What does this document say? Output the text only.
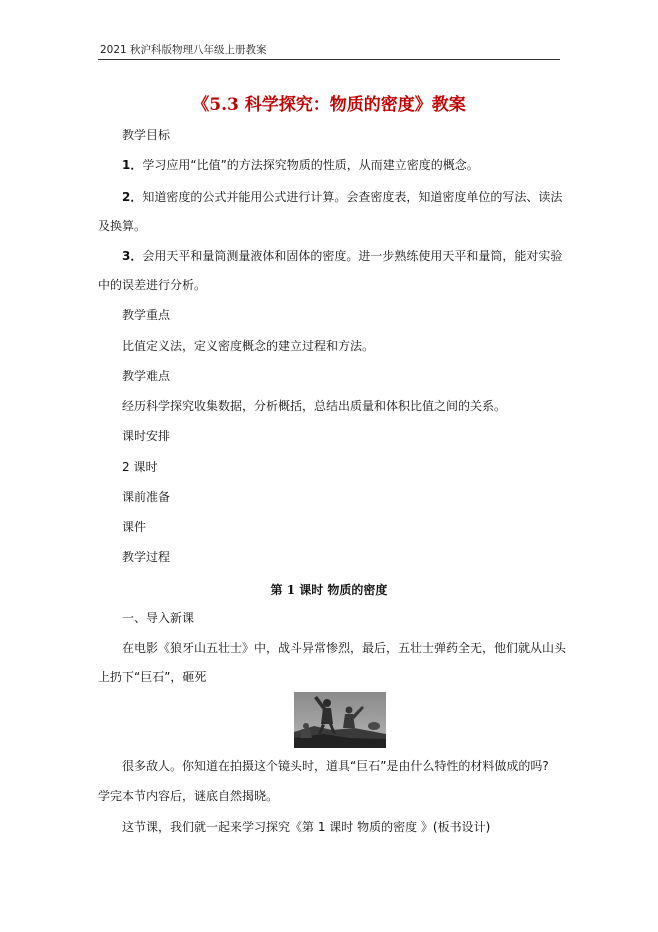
2021 秋沪科版物理八年级上册教案
《5.3 科学探究：物质的密度》教案
教学目标
1．学习应用“比值”的方法探究物质的性质，从而建立密度的概念。
2．知道密度的公式并能用公式进行计算。会查密度表，知道密度单位的写法、读法
及换算。
3．会用天平和量筒测量液体和固体的密度。进一步熟练使用天平和量筒，能对实验
中的误差进行分析。
教学重点
比值定义法，定义密度概念的建立过程和方法。
教学难点
经历科学探究收集数据，分析概括，总结出质量和体积比值之间的关系。
课时安排
2 课时
课前准备
课件
教学过程
第 1 课时 物质的密度
一、导入新课
在电影《狼牙山五壮士》中，战斗异常惨烈，最后，五壮士弹药全无，他们就从山头
上扔下“巨石”，砸死
很多敌人。你知道在拍摄这个镜头时，道具“巨石”是由什么特性的材料做成的吗?
学完本节内容后，谜底自然揭晓。
这节课，我们就一起来学习探究《第 1 课时 物质的密度 》(板书设计)
